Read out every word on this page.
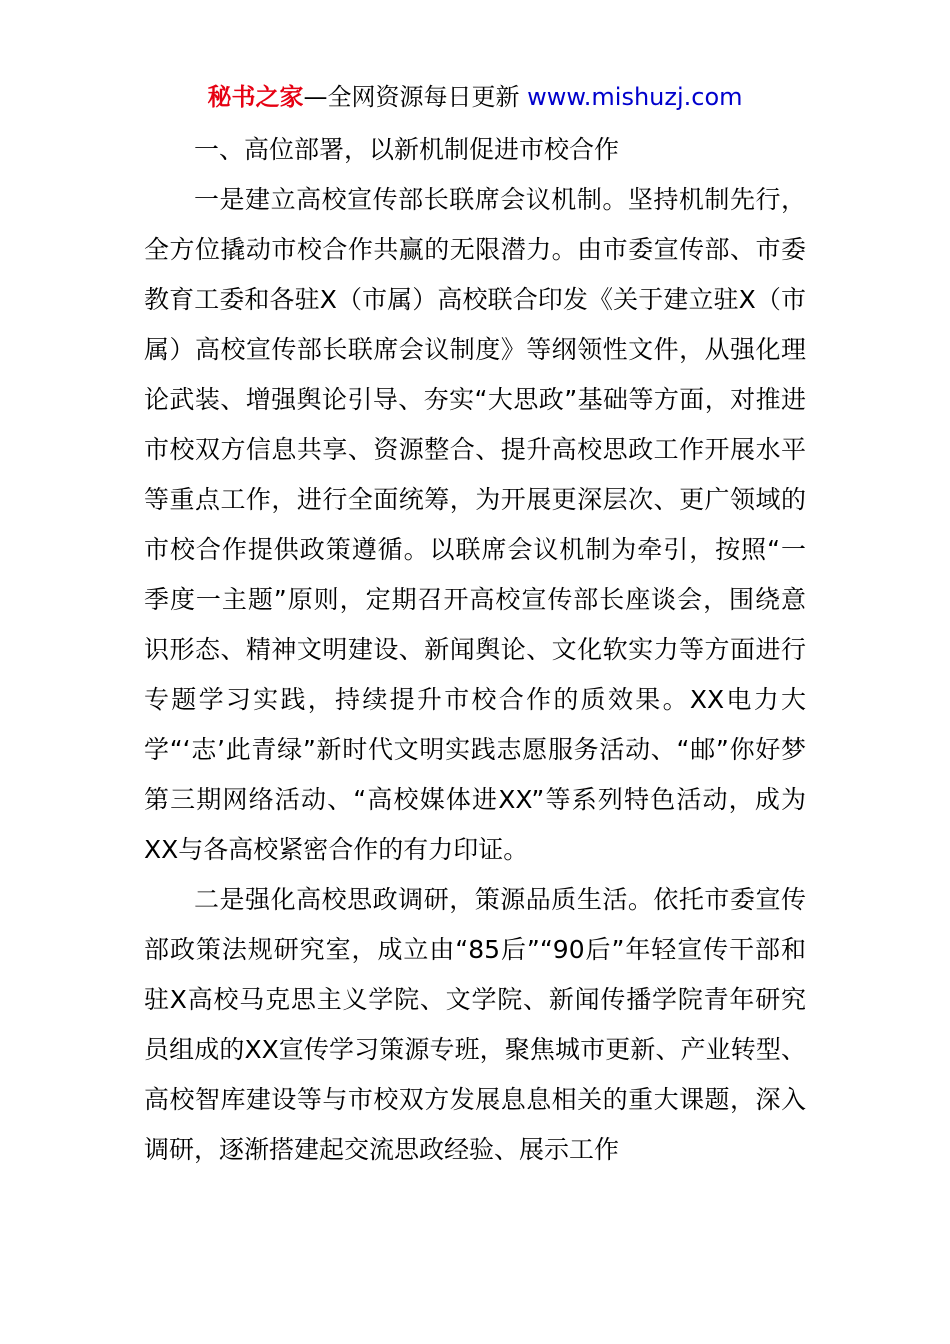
秘书之家—全网资源每日更新 www.mishuzj.com
一、高位部署，以新机制促进市校合作

一是建立高校宣传部长联席会议机制。坚持机制先行，全方位撬动市校合作共赢的无限潜力。由市委宣传部、市委教育工委和各驻X（市属）高校联合印发《关于建立驻X（市属）高校宣传部长联席会议制度》等纲领性文件，从强化理论武装、增强舆论引导、夯实“大思政”基础等方面，对推进市校双方信息共享、资源整合、提升高校思政工作开展水平等重点工作，进行全面统筹，为开展更深层次、更广领域的市校合作提供政策遵循。以联席会议机制为牵引，按照“一季度一主题”原则，定期召开高校宣传部长座谈会，围绕意识形态、精神文明建设、新闻舆论、文化软实力等方面进行专题学习实践，持续提升市校合作的质效果。XX电力大学“‘志’此青绿”新时代文明实践志愿服务活动、“邮”你好梦第三期网络活动、“高校媒体进XX”等系列特色活动，成为XX与各高校紧密合作的有力印证。

二是强化高校思政调研，策源品质生活。依托市委宣传部政策法规研究室，成立由“85后”“90后”年轻宣传干部和驻X高校马克思主义学院、文学院、新闻传播学院青年研究员组成的XX宣传学习策源专班，聚焦城市更新、产业转型、高校智库建设等与市校双方发展息息相关的重大课题，深入调研，逐渐搭建起交流思政经验、展示工作
